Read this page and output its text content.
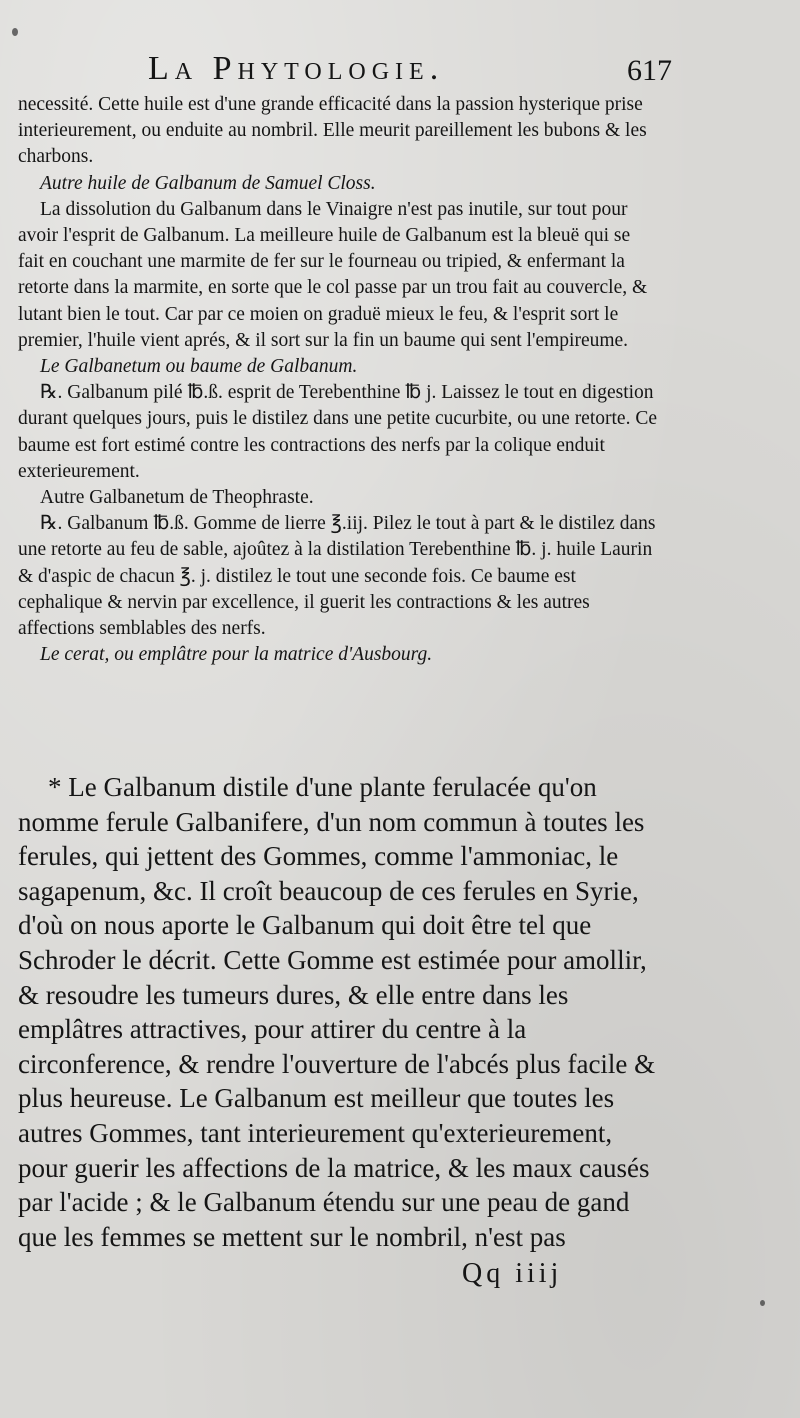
La Phytologie.	617

necessité. Cette huile est d'une grande efficacité dans la passion hysterique prise interieurement, ou enduite au nombril. Elle meurit pareillement les bubons & les charbons.

Autre huile de Galbanum de Samuel Closs.

La dissolution du Galbanum dans le Vinaigre n'est pas inutile, sur tout pour avoir l'esprit de Galbanum. La meilleure huile de Galbanum est la bleuë qui se fait en couchant une marmite de fer sur le fourneau ou tripied, & enfermant la retorte dans la marmite, en sorte que le col passe par un trou fait au couvercle, & lutant bien le tout. Car par ce moien on graduë mieux le feu, & l'esprit sort le premier, l'huile vient aprés, & il sort sur la fin un baume qui sent l'empireume.

Le Galbanetum ou baume de Galbanum.

℞. Galbanum pilé ℔.ß. esprit de Terebenthine ℔ j. Laissez le tout en digestion durant quelques jours, puis le distilez dans une petite cucurbite, ou une retorte. Ce baume est fort estimé contre les contractions des nerfs par la colique enduit exterieurement.

Autre Galbanetum de Theophraste.

℞. Galbanum ℔.ß. Gomme de lierre ℥.iij. Pilez le tout à part & le distilez dans une retorte au feu de sable, ajoûtez à la distilation Terebenthine ℔. j. huile Laurin & d'aspic de chacun ℥. j. distilez le tout une seconde fois. Ce baume est cephalique & nervin par excellence, il guerit les contractions & les autres affections semblables des nerfs.

Le cerat, ou emplâtre pour la matrice d'Ausbourg.

* Le Galbanum distile d'une plante ferulacée qu'on nomme ferule Galbanifere, d'un nom commun à toutes les ferules, qui jettent des Gommes, comme l'ammoniac, le sagapenum, &c. Il croît beaucoup de ces ferules en Syrie, d'où on nous aporte le Galbanum qui doit être tel que Schroder le décrit. Cette Gomme est estimée pour amollir, & resoudre les tumeurs dures, & elle entre dans les emplâtres attractives, pour attirer du centre à la circonference, & rendre l'ouverture de l'abcés plus facile & plus heureuse. Le Galbanum est meilleur que toutes les autres Gommes, tant interieurement qu'exterieurement, pour guerir les affections de la matrice, & les maux causés par l'acide ; & le Galbanum étendu sur une peau de gand que les femmes se mettent sur le nombril, n'est pas

Qq iiij
